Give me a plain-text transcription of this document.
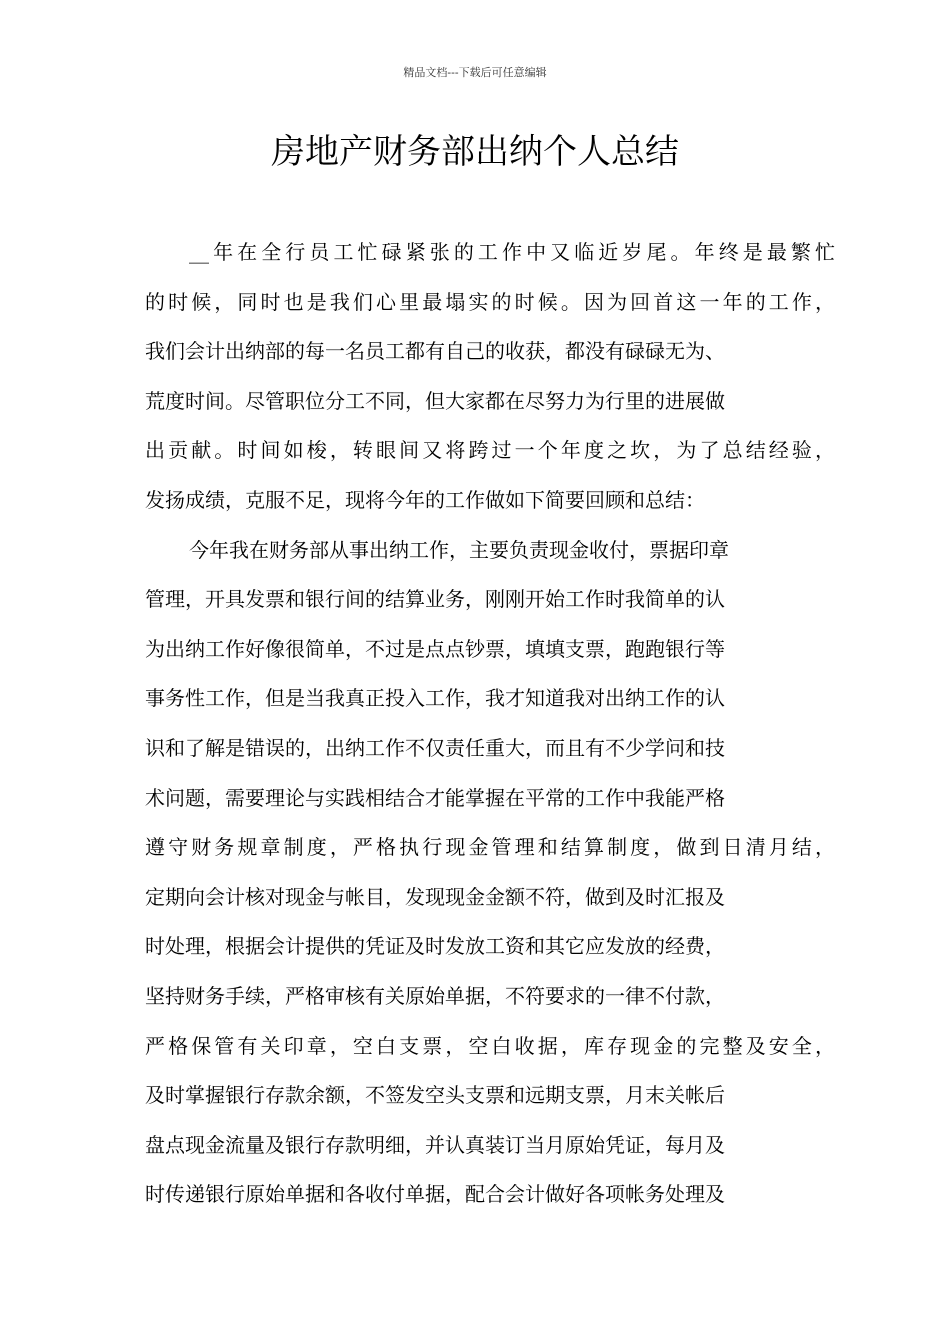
精品文档---下载后可任意编辑
房地产财务部出纳个人总结
__年在全行员工忙碌紧张的工作中又临近岁尾。年终是最繁忙
的时候，同时也是我们心里最塌实的时候。因为回首这一年的工作，
我们会计出纳部的每一名员工都有自己的收获，都没有碌碌无为、
荒度时间。尽管职位分工不同，但大家都在尽努力为行里的进展做
出贡献。时间如梭，转眼间又将跨过一个年度之坎，为了总结经验，
发扬成绩，克服不足，现将今年的工作做如下简要回顾和总结：
今年我在财务部从事出纳工作，主要负责现金收付，票据印章
管理，开具发票和银行间的结算业务，刚刚开始工作时我简单的认
为出纳工作好像很简单，不过是点点钞票，填填支票，跑跑银行等
事务性工作，但是当我真正投入工作，我才知道我对出纳工作的认
识和了解是错误的，出纳工作不仅责任重大，而且有不少学问和技
术问题，需要理论与实践相结合才能掌握在平常的工作中我能严格
遵守财务规章制度，严格执行现金管理和结算制度，做到日清月结，
定期向会计核对现金与帐目，发现现金金额不符，做到及时汇报及
时处理，根据会计提供的凭证及时发放工资和其它应发放的经费，
坚持财务手续，严格审核有关原始单据，不符要求的一律不付款，
严格保管有关印章，空白支票，空白收据，库存现金的完整及安全，
及时掌握银行存款余额，不签发空头支票和远期支票，月末关帐后
盘点现金流量及银行存款明细，并认真装订当月原始凭证，每月及
时传递银行原始单据和各收付单据，配合会计做好各项帐务处理及
